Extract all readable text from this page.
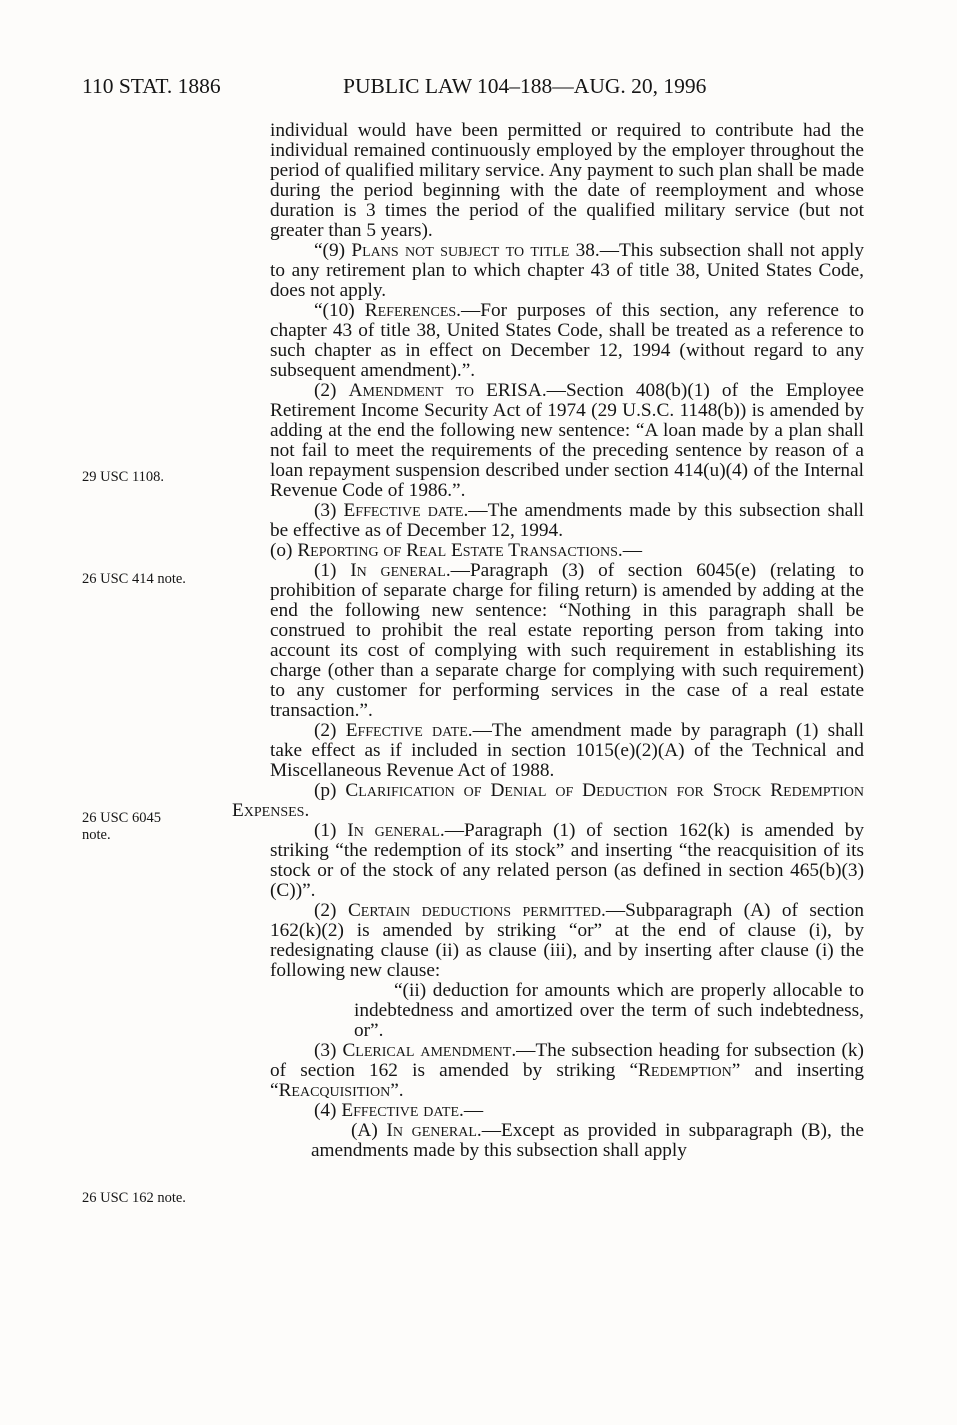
110 STAT. 1886	PUBLIC LAW 104–188—AUG. 20, 1996
29 USC 1108.
26 USC 414 note.
26 USC 6045
note.
26 USC 162 note.

individual would have been permitted or required to contribute had the individual remained continuously employed by the employer throughout the period of qualified military service. Any payment to such plan shall be made during the period beginning with the date of reemployment and whose duration is 3 times the period of the qualified military service (but not greater than 5 years).

“(9) Plans not subject to title 38.—This subsection shall not apply to any retirement plan to which chapter 43 of title 38, United States Code, does not apply.

“(10) References.—For purposes of this section, any reference to chapter 43 of title 38, United States Code, shall be treated as a reference to such chapter as in effect on December 12, 1994 (without regard to any subsequent amendment).”.

(2) Amendment to ERISA.—Section 408(b)(1) of the Employee Retirement Income Security Act of 1974 (29 U.S.C. 1148(b)) is amended by adding at the end the following new sentence: “A loan made by a plan shall not fail to meet the requirements of the preceding sentence by reason of a loan repayment suspension described under section 414(u)(4) of the Internal Revenue Code of 1986.”.

(3) Effective date.—The amendments made by this subsection shall be effective as of December 12, 1994.

(o) Reporting of Real Estate Transactions.—

(1) In general.—Paragraph (3) of section 6045(e) (relating to prohibition of separate charge for filing return) is amended by adding at the end the following new sentence: “Nothing in this paragraph shall be construed to prohibit the real estate reporting person from taking into account its cost of complying with such requirement in establishing its charge (other than a separate charge for complying with such requirement) to any customer for performing services in the case of a real estate transaction.”.

(2) Effective date.—The amendment made by paragraph (1) shall take effect as if included in section 1015(e)(2)(A) of the Technical and Miscellaneous Revenue Act of 1988.

(p) Clarification of Denial of Deduction for Stock Redemption Expenses.

(1) In general.—Paragraph (1) of section 162(k) is amended by striking “the redemption of its stock” and inserting “the reacquisition of its stock or of the stock of any related person (as defined in section 465(b)(3)(C))”.

(2) Certain deductions permitted.—Subparagraph (A) of section 162(k)(2) is amended by striking “or” at the end of clause (i), by redesignating clause (ii) as clause (iii), and by inserting after clause (i) the following new clause:

“(ii) deduction for amounts which are properly allocable to indebtedness and amortized over the term of such indebtedness, or”.

(3) Clerical amendment.—The subsection heading for subsection (k) of section 162 is amended by striking “Redemption” and inserting “Reacquisition”.

(4) Effective date.—

(A) In general.—Except as provided in subparagraph (B), the amendments made by this subsection shall apply
